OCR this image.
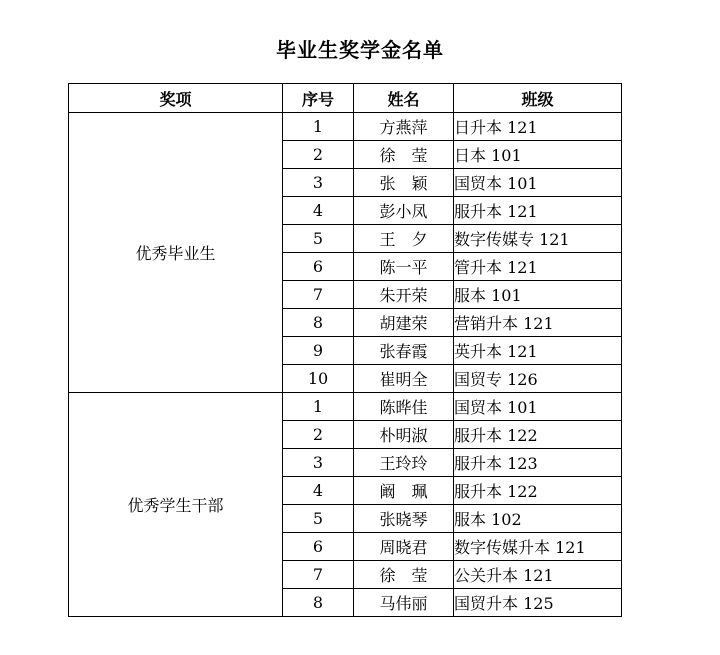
毕业生奖学金名单
奖项	序号	姓名	班级
优秀毕业生	1	方燕萍	日升本 121
	2	徐　莹	日本 101
	3	张　颖	国贸本 101
	4	彭小凤	服升本 121
	5	王　夕	数字传媒专 121
	6	陈一平	管升本 121
	7	朱开荣	服本 101
	8	胡建荣	营销升本 121
	9	张春霞	英升本 121
	10	崔明全	国贸专 126
优秀学生干部	1	陈晔佳	国贸本 101
	2	朴明淑	服升本 122
	3	王玲玲	服升本 123
	4	阚　珮	服升本 122
	5	张晓琴	服本 102
	6	周晓君	数字传媒升本 121
	7	徐　莹	公关升本 121
	8	马伟丽	国贸升本 125
